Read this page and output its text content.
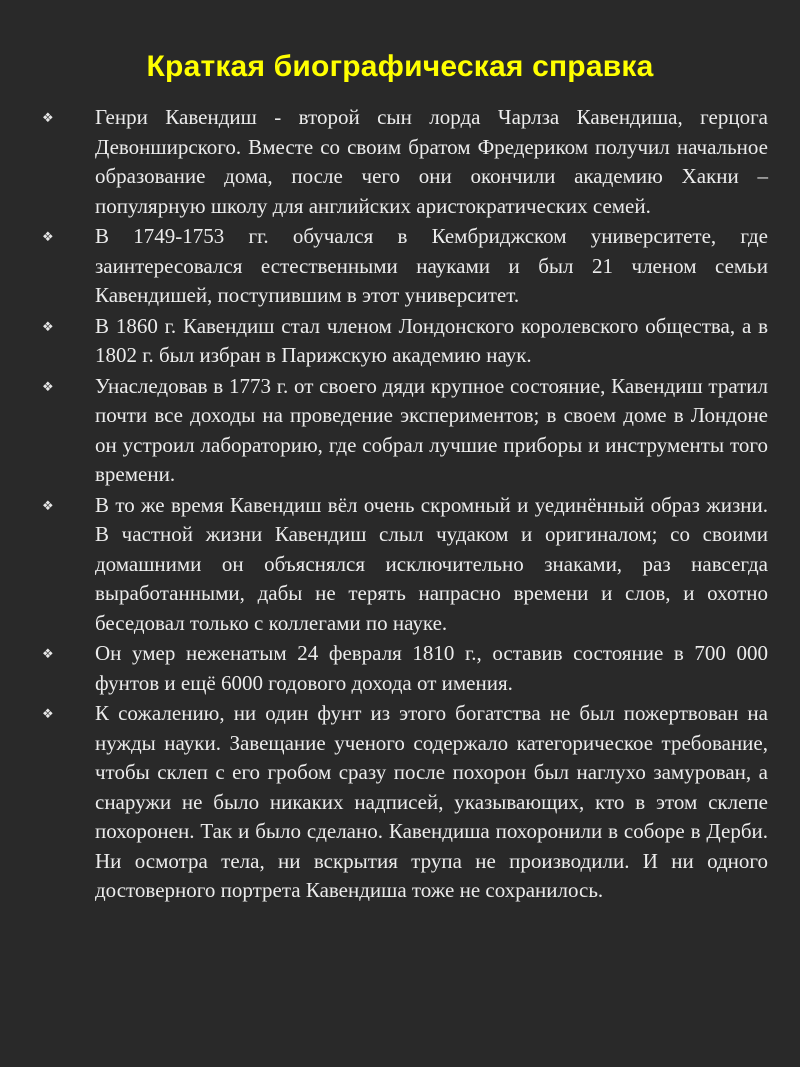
Краткая биографическая справка
❖ Генри Кавендиш - второй сын лорда Чарлза Кавендиша, герцога Девонширского. Вместе со своим братом Фредериком получил начальное образование дома, после чего они окончили академию Хакни – популярную школу для английских аристократических семей.
❖ В 1749-1753 гг. обучался в Кембриджском университете, где заинтересовался естественными науками и был 21 членом семьи Кавендишей, поступившим в этот университет.
❖ В 1860 г. Кавендиш стал членом Лондонского королевского общества, а в 1802 г. был избран в Парижскую академию наук.
❖ Унаследовав в 1773 г. от своего дяди крупное состояние, Кавендиш тратил почти все доходы на проведение экспериментов; в своем доме в Лондоне он устроил лабораторию, где собрал лучшие приборы и инструменты того времени.
❖ В то же время Кавендиш вёл очень скромный и уединённый образ жизни. В частной жизни Кавендиш слыл чудаком и оригиналом; со своими домашними он объяснялся исключительно знаками, раз навсегда выработанными, дабы не терять напрасно времени и слов, и охотно беседовал только с коллегами по науке.
❖ Он умер неженатым 24 февраля 1810 г., оставив состояние в 700 000 фунтов и ещё 6000 годового дохода от имения.
❖ К сожалению, ни один фунт из этого богатства не был пожертвован на нужды науки. Завещание ученого содержало категорическое требование, чтобы склеп с его гробом сразу после похорон был наглухо замурован, а снаружи не было никаких надписей, указывающих, кто в этом склепе похоронен. Так и было сделано. Кавендиша похоронили в соборе в Дерби. Ни осмотра тела, ни вскрытия трупа не производили. И ни одного достоверного портрета Кавендиша тоже не сохранилось.
